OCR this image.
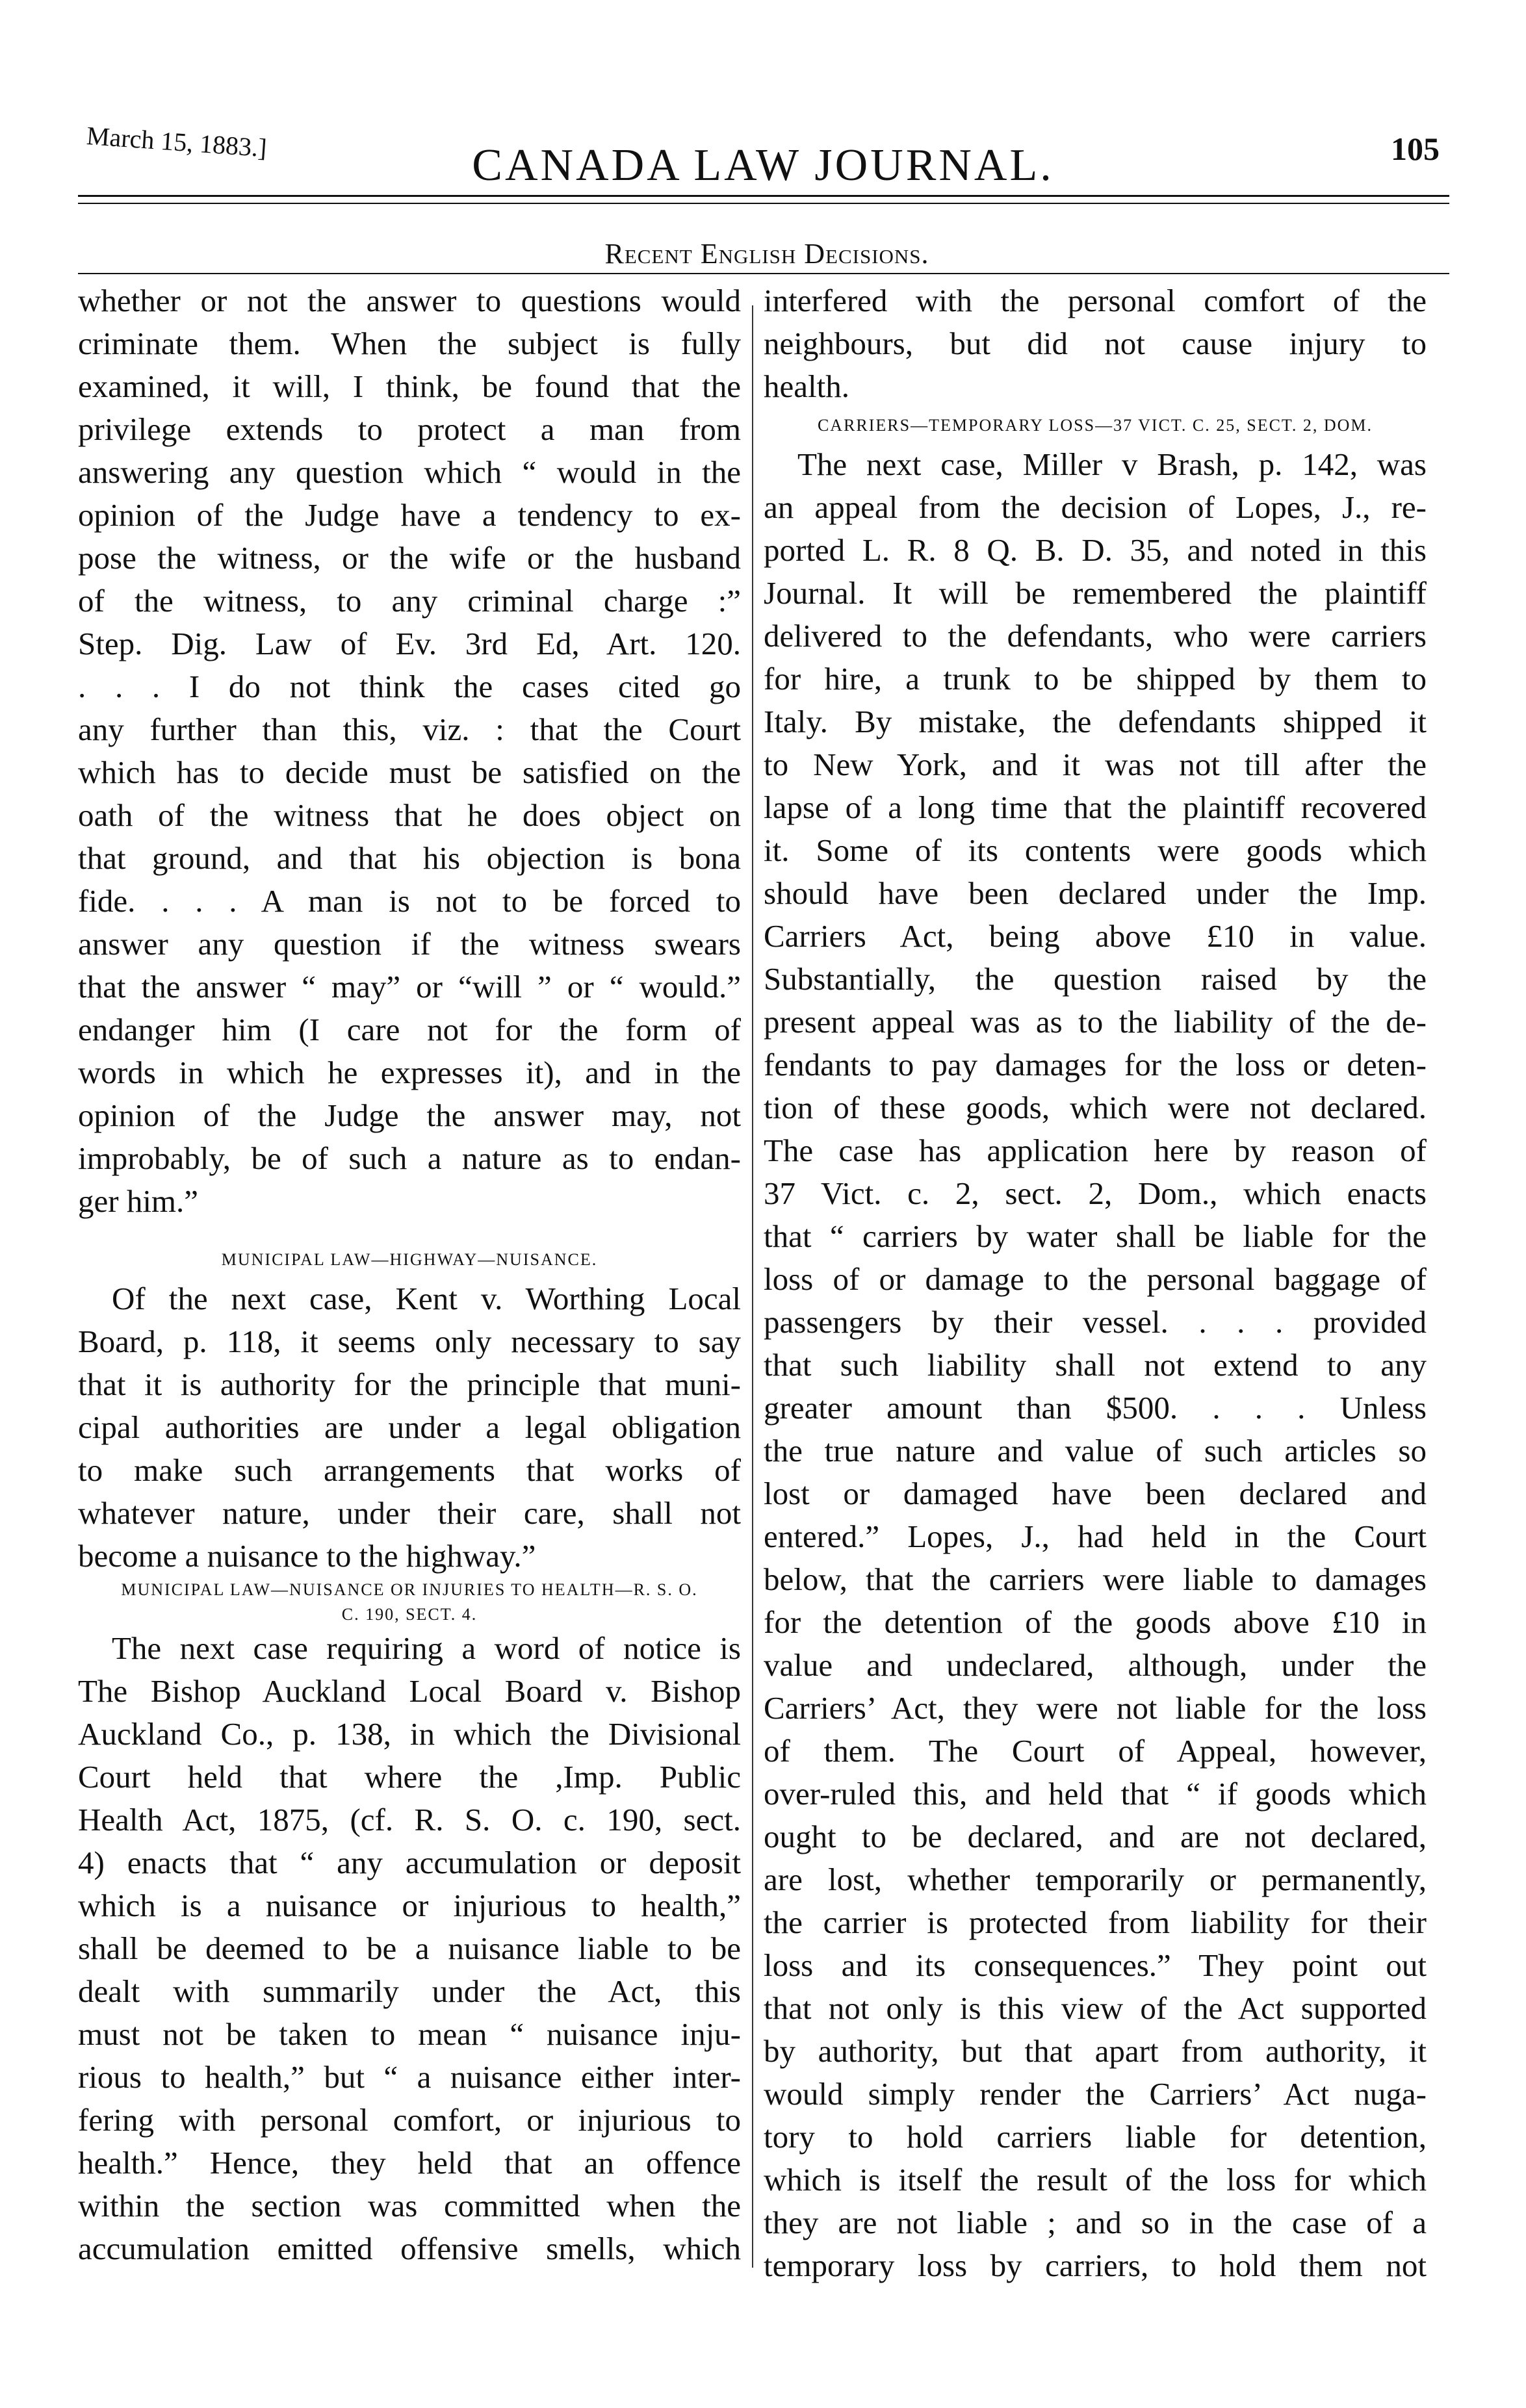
March 15, 1883.]	CANADA LAW JOURNAL.	105
Recent English Decisions.
whether or not the answer to questions would
criminate them. When the subject is fully
examined, it will, I think, be found that the
privilege extends to protect a man from
answering any question which “ would in the
opinion of the Judge have a tendency to ex-
pose the witness, or the wife or the husband
of the witness, to any criminal charge :”
Step. Dig. Law of Ev. 3rd Ed, Art. 120.
. . . I do not think the cases cited go
any further than this, viz. : that the Court
which has to decide must be satisfied on the
oath of the witness that he does object on
that ground, and that his objection is bona
fide. . . . A man is not to be forced to
answer any question if the witness swears
that the answer “ may” or “will ” or “ would.”
endanger him (I care not for the form of
words in which he expresses it), and in the
opinion of the Judge the answer may, not
improbably, be of such a nature as to endan-
ger him.”
MUNICIPAL LAW—HIGHWAY—NUISANCE.
Of the next case, Kent v. Worthing Local
Board, p. 118, it seems only necessary to say
that it is authority for the principle that muni-
cipal authorities are under a legal obligation
to make such arrangements that works of
whatever nature, under their care, shall not
become a nuisance to the highway.”
MUNICIPAL LAW—NUISANCE OR INJURIES TO HEALTH—R. S. O.
C. 190, SECT. 4.
The next case requiring a word of notice is
The Bishop Auckland Local Board v. Bishop
Auckland Co., p. 138, in which the Divisional
Court held that where the ,Imp. Public
Health Act, 1875, (cf. R. S. O. c. 190, sect.
4) enacts that “ any accumulation or deposit
which is a nuisance or injurious to health,”
shall be deemed to be a nuisance liable to be
dealt with summarily under the Act, this
must not be taken to mean “ nuisance inju-
rious to health,” but “ a nuisance either inter-
fering with personal comfort, or injurious to
health.” Hence, they held that an offence
within the section was committed when the
accumulation emitted offensive smells, which
interfered with the personal comfort of the
neighbours, but did not cause injury to
health.
CARRIERS—TEMPORARY LOSS—37 VICT. C. 25, SECT. 2, DOM.
The next case, Miller v Brash, p. 142, was
an appeal from the decision of Lopes, J., re-
ported L. R. 8 Q. B. D. 35, and noted in this
Journal. It will be remembered the plaintiff
delivered to the defendants, who were carriers
for hire, a trunk to be shipped by them to
Italy. By mistake, the defendants shipped it
to New York, and it was not till after the
lapse of a long time that the plaintiff recovered
it. Some of its contents were goods which
should have been declared under the Imp.
Carriers Act, being above £10 in value.
Substantially, the question raised by the
present appeal was as to the liability of the de-
fendants to pay damages for the loss or deten-
tion of these goods, which were not declared.
The case has application here by reason of
37 Vict. c. 2, sect. 2, Dom., which enacts
that “ carriers by water shall be liable for the
loss of or damage to the personal baggage of
passengers by their vessel. . . . provided
that such liability shall not extend to any
greater amount than $500. . . . Unless
the true nature and value of such articles so
lost or damaged have been declared and
entered.” Lopes, J., had held in the Court
below, that the carriers were liable to damages
for the detention of the goods above £10 in
value and undeclared, although, under the
Carriers’ Act, they were not liable for the loss
of them. The Court of Appeal, however,
over-ruled this, and held that “ if goods which
ought to be declared, and are not declared,
are lost, whether temporarily or permanently,
the carrier is protected from liability for their
loss and its consequences.” They point out
that not only is this view of the Act supported
by authority, but that apart from authority, it
would simply render the Carriers’ Act nuga-
tory to hold carriers liable for detention,
which is itself the result of the loss for which
they are not liable ; and so in the case of a
temporary loss by carriers, to hold them not
